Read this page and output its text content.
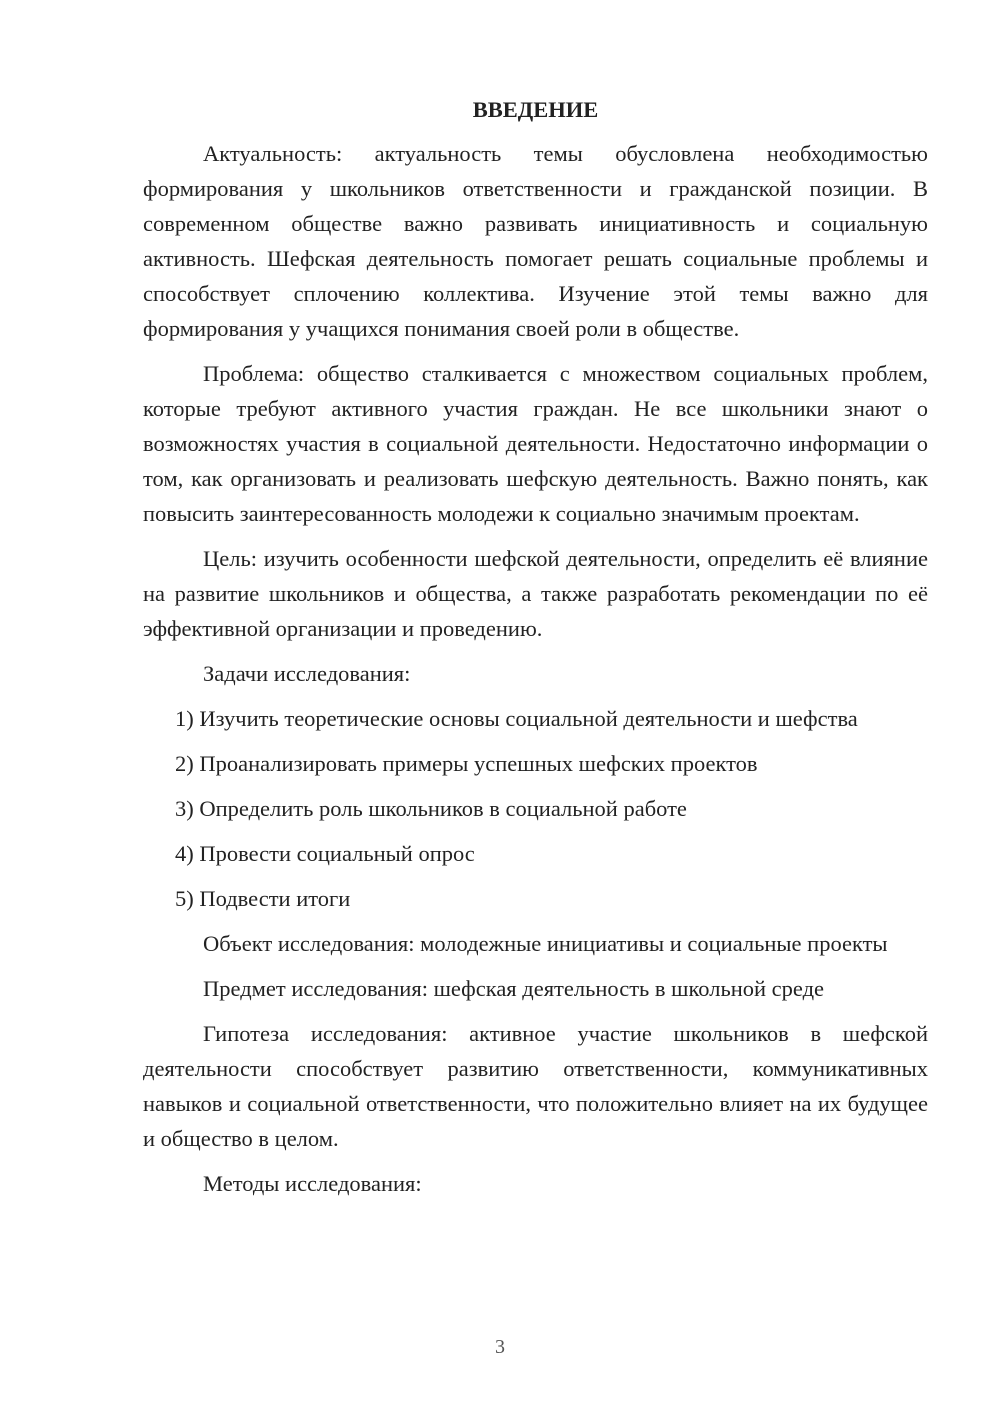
ВВЕДЕНИЕ

Актуальность: актуальность темы обусловлена необходимостью формирования у школьников ответственности и гражданской позиции. В современном обществе важно развивать инициативность и социальную активность. Шефская деятельность помогает решать социальные проблемы и способствует сплочению коллектива. Изучение этой темы важно для формирования у учащихся понимания своей роли в обществе.

Проблема: общество сталкивается с множеством социальных проблем, которые требуют активного участия граждан. Не все школьники знают о возможностях участия в социальной деятельности. Недостаточно информации о том, как организовать и реализовать шефскую деятельность. Важно понять, как повысить заинтересованность молодежи к социально значимым проектам.

Цель: изучить особенности шефской деятельности, определить её влияние на развитие школьников и общества, а также разработать рекомендации по её эффективной организации и проведению.

Задачи исследования:

1) Изучить теоретические основы социальной деятельности и шефства
2) Проанализировать примеры успешных шефских проектов
3) Определить роль школьников в социальной работе
4) Провести социальный опрос
5) Подвести итоги

Объект исследования: молодежные инициативы и социальные проекты

Предмет исследования: шефская деятельность в школьной среде

Гипотеза исследования: активное участие школьников в шефской деятельности способствует развитию ответственности, коммуникативных навыков и социальной ответственности, что положительно влияет на их будущее и общество в целом.

Методы исследования:

3
